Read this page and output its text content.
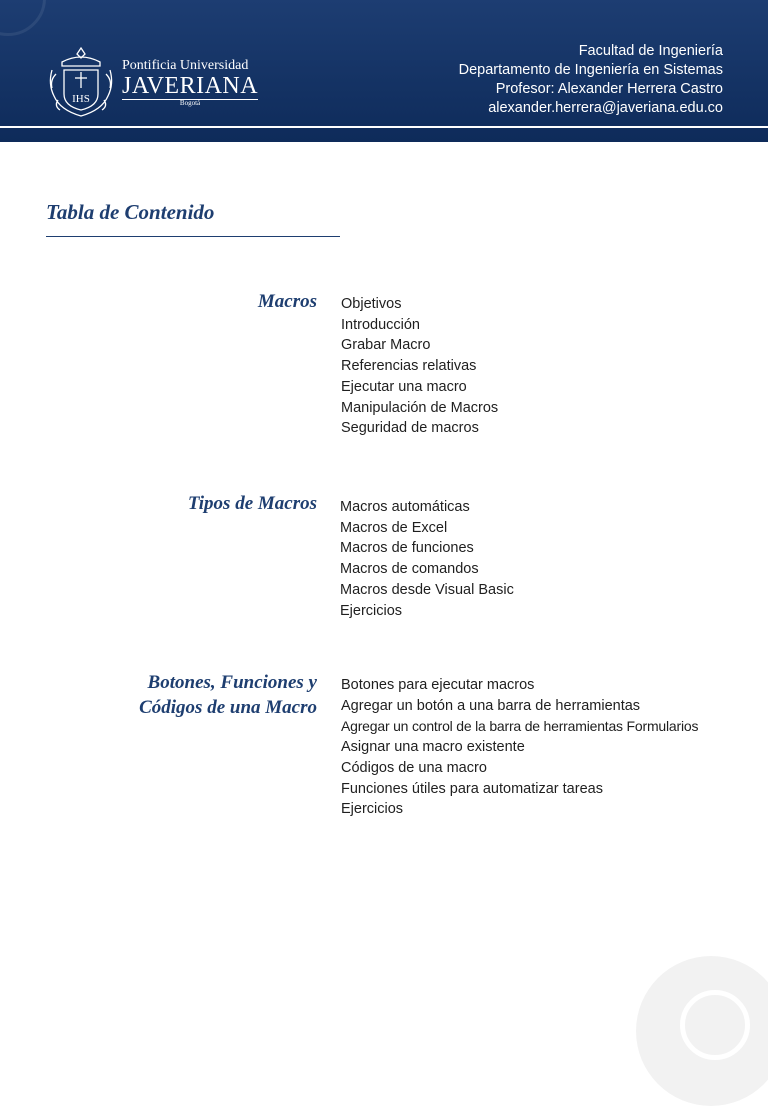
IHS
Pontificia Universidad
JAVERIANA
Bogotá
Facultad de Ingeniería
Departamento de Ingeniería en Sistemas
Profesor: Alexander Herrera Castro
alexander.herrera@javeriana.edu.co
Tabla de Contenido
Macros Objetivos
Introducción
Grabar Macro
Referencias relativas
Ejecutar una macro
Manipulación de Macros
Seguridad de macros
Tipos de Macros Macros automáticas
Macros de Excel
Macros de funciones
Macros de comandos
Macros desde Visual Basic
Ejercicios
Botones, Funciones y
Códigos de una Macro
Botones para ejecutar macros
Agregar un botón a una barra de herramientas
Agregar un control de la barra de herramientas Formularios
Asignar una macro existente
Códigos de una macro
Funciones útiles para automatizar tareas
Ejercicios
